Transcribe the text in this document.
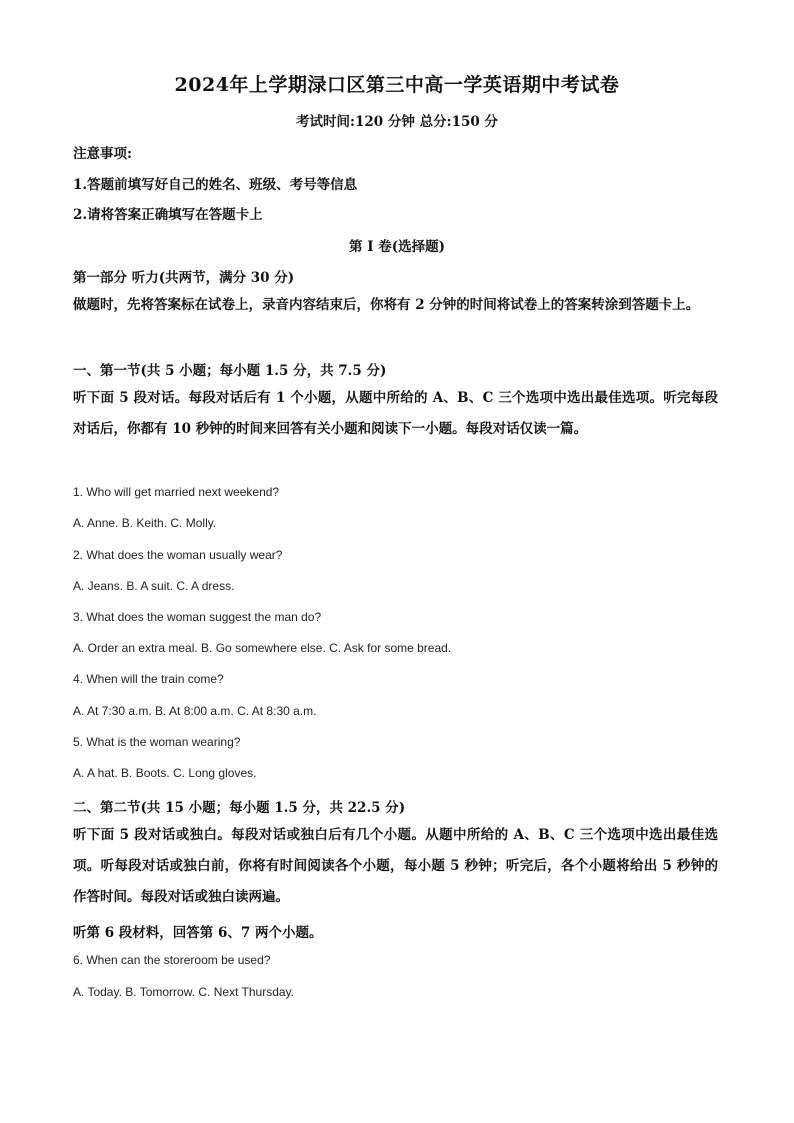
2024年上学期渌口区第三中高一学英语期中考试卷
考试时间:120 分钟 总分:150 分
注意事项:
1.答题前填写好自己的姓名、班级、考号等信息
2.请将答案正确填写在答题卡上
第 I 卷(选择题)
第一部分 听力(共两节，满分 30 分)
做题时，先将答案标在试卷上，录音内容结束后，你将有 2 分钟的时间将试卷上的答案转涂到答题卡上。
一、第一节(共 5 小题；每小题 1.5 分，共 7.5 分)
听下面 5 段对话。每段对话后有 1 个小题，从题中所给的 A、B、C 三个选项中选出最佳选项。听完每段对话后，你都有 10 秒钟的时间来回答有关小题和阅读下一小题。每段对话仅读一篇。
1. Who will get married next weekend?
A. Anne. B. Keith. C. Molly.
2. What does the woman usually wear?
A. Jeans. B. A suit. C. A dress.
3. What does the woman suggest the man do?
A. Order an extra meal. B. Go somewhere else. C. Ask for some bread.
4. When will the train come?
A. At 7:30 a.m. B. At 8:00 a.m. C. At 8:30 a.m.
5. What is the woman wearing?
A. A hat. B. Boots. C. Long gloves.
二、第二节(共 15 小题；每小题 1.5 分，共 22.5 分)
听下面 5 段对话或独白。每段对话或独白后有几个小题。从题中所给的 A、B、C 三个选项中选出最佳选项。听每段对话或独白前，你将有时间阅读各个小题，每小题 5 秒钟；听完后，各个小题将给出 5 秒钟的作答时间。每段对话或独白读两遍。
听第 6 段材料，回答第 6、7 两个小题。
6. When can the storeroom be used?
A. Today. B. Tomorrow. C. Next Thursday.
